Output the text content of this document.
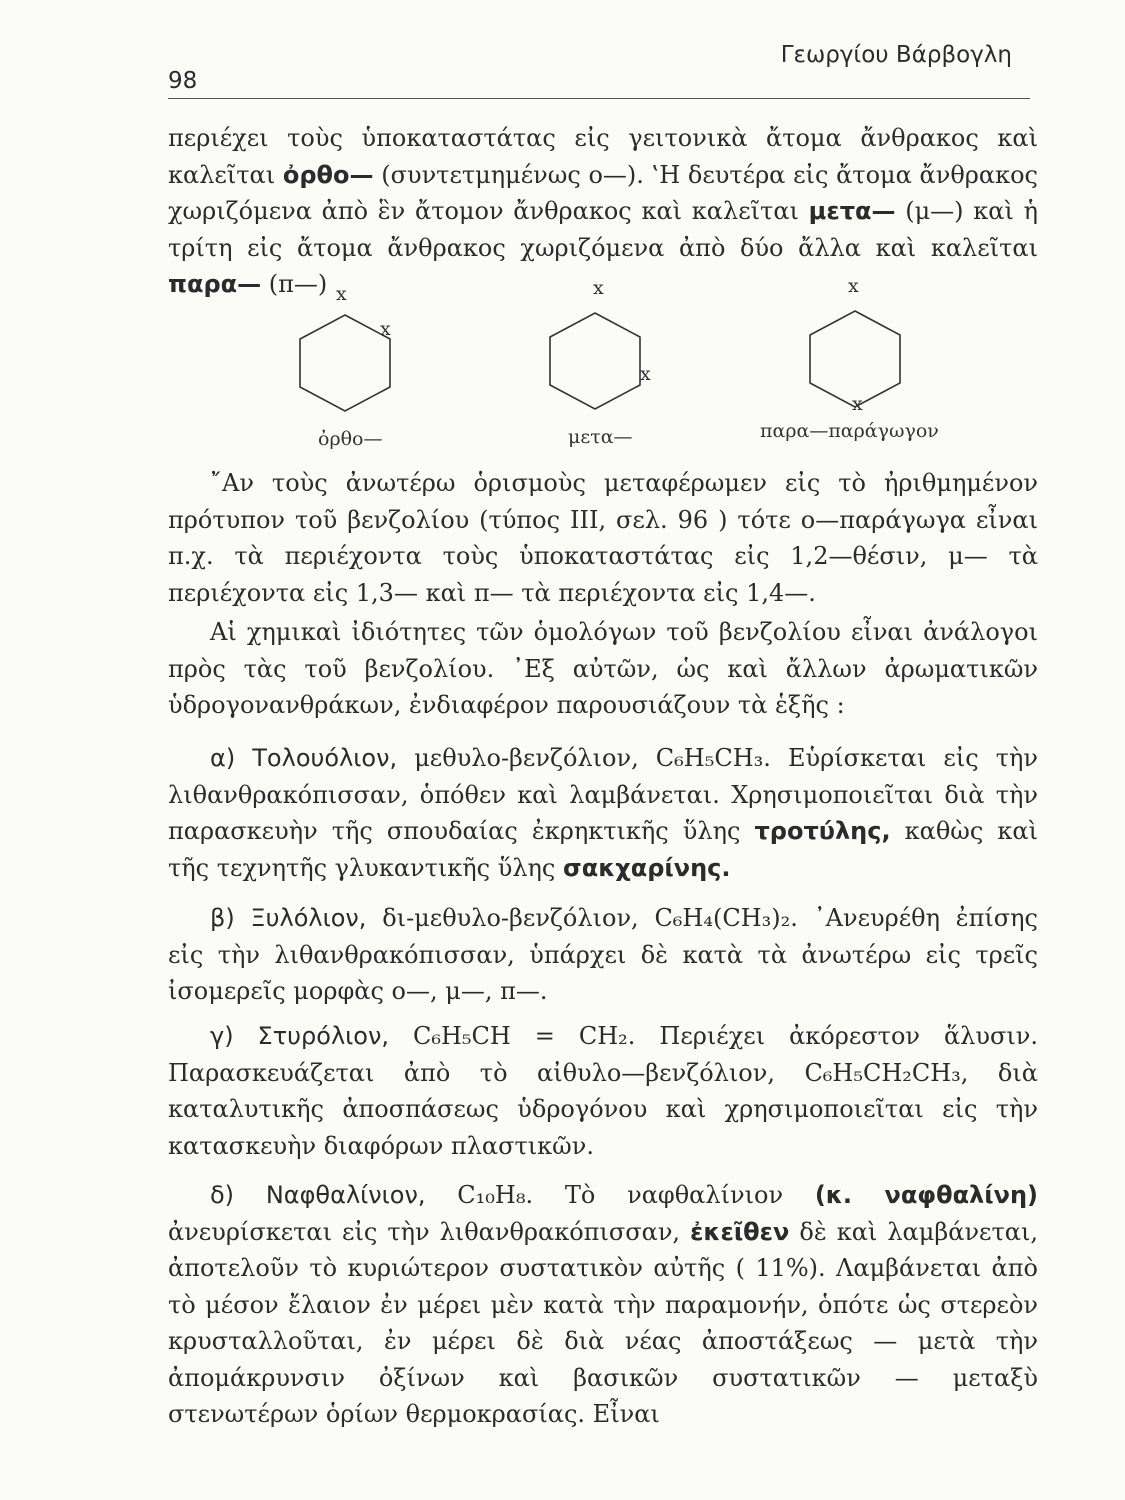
98
Γεωργίου Βάρβογλη

περιέχει τοὺς ὑποκαταστάτας εἰς γειτονικὰ ἄτομα ἄνθρακος καὶ καλεῖται ὀρθο— (συντετμημένως ο—). ‛Η δευτέρα εἰς ἄτομα ἄνθρακος χωριζόμενα ἀπὸ ἓν ἄτομον ἄνθρακος καὶ καλεῖται μετα— (μ—) καὶ ἡ τρίτη εἰς ἄτομα ἄνθρακος χωριζόμενα ἀπὸ δύο ἄλλα καὶ καλεῖται παρα— (π—) x
x
x
x
x
x
ὀρθο—	μετα—	παρα—παράγωγον

῎Αν τοὺς ἀνωτέρω ὁρισμοὺς μεταφέρωμεν εἰς τὸ ἠριθμημένον πρότυπον τοῦ βενζολίου (τύπος III, σελ. 96 ) τότε ο—παράγωγα εἶναι π.χ. τὰ περιέχοντα τοὺς ὑποκαταστάτας εἰς 1,2—θέσιν, μ— τὰ περιέχοντα εἰς 1,3— καὶ π— τὰ περιέχοντα εἰς 1,4—.

Αἱ χημικαὶ ἰδιότητες τῶν ὁμολόγων τοῦ βενζολίου εἶναι ἀνάλογοι πρὸς τὰς τοῦ βενζολίου. ᾿Εξ αὐτῶν, ὡς καὶ ἄλλων ἀρωματικῶν ὑδρογονανθράκων, ἐνδιαφέρον παρουσιάζουν τὰ ἑξῆς :

α) Τολουόλιον, μεθυλο-βενζόλιον, C₆H₅CH₃. Εὑρίσκεται εἰς τὴν λιθανθρακόπισσαν, ὁπόθεν καὶ λαμβάνεται. Χρησιμοποιεῖται διὰ τὴν παρασκευὴν τῆς σπουδαίας ἐκρηκτικῆς ὕλης τροτύλης, καθὼς καὶ τῆς τεχνητῆς γλυκαντικῆς ὕλης σακχαρίνης.

β) Ξυλόλιον, δι-μεθυλο-βενζόλιον, C₆H₄(CH₃)₂. ᾿Ανευρέθη ἐπίσης εἰς τὴν λιθανθρακόπισσαν, ὑπάρχει δὲ κατὰ τὰ ἀνωτέρω εἰς τρεῖς ἰσομερεῖς μορφὰς ο—, μ—, π—.

γ) Στυρόλιον, C₆H₅CH = CH₂. Περιέχει ἀκόρεστον ἅλυσιν. Παρασκευάζεται ἀπὸ τὸ αἰθυλο—βενζόλιον, C₆H₅CH₂CH₃, διὰ καταλυτικῆς ἀποσπάσεως ὑδρογόνου καὶ χρησιμοποιεῖται εἰς τὴν κατασκευὴν διαφόρων πλαστικῶν.

δ) Ναφθαλίνιον, C₁₀H₈. Τὸ ναφθαλίνιον (κ. ναφθαλίνη) ἀνευρίσκεται εἰς τὴν λιθανθρακόπισσαν, ἐκεῖθεν δὲ καὶ λαμβάνεται, ἀποτελοῦν τὸ κυριώτερον συστατικὸν αὐτῆς ( 11%). Λαμβάνεται ἀπὸ τὸ μέσον ἔλαιον ἐν μέρει μὲν κατὰ τὴν παραμονήν, ὁπότε ὡς στερεὸν κρυσταλλοῦται, ἐν μέρει δὲ διὰ νέας ἀποστάξεως — μετὰ τὴν ἀπομάκρυνσιν ὀξίνων καὶ βασικῶν συστατικῶν — μεταξὺ στενωτέρων ὁρίων θερμοκρασίας. Εἶναι
